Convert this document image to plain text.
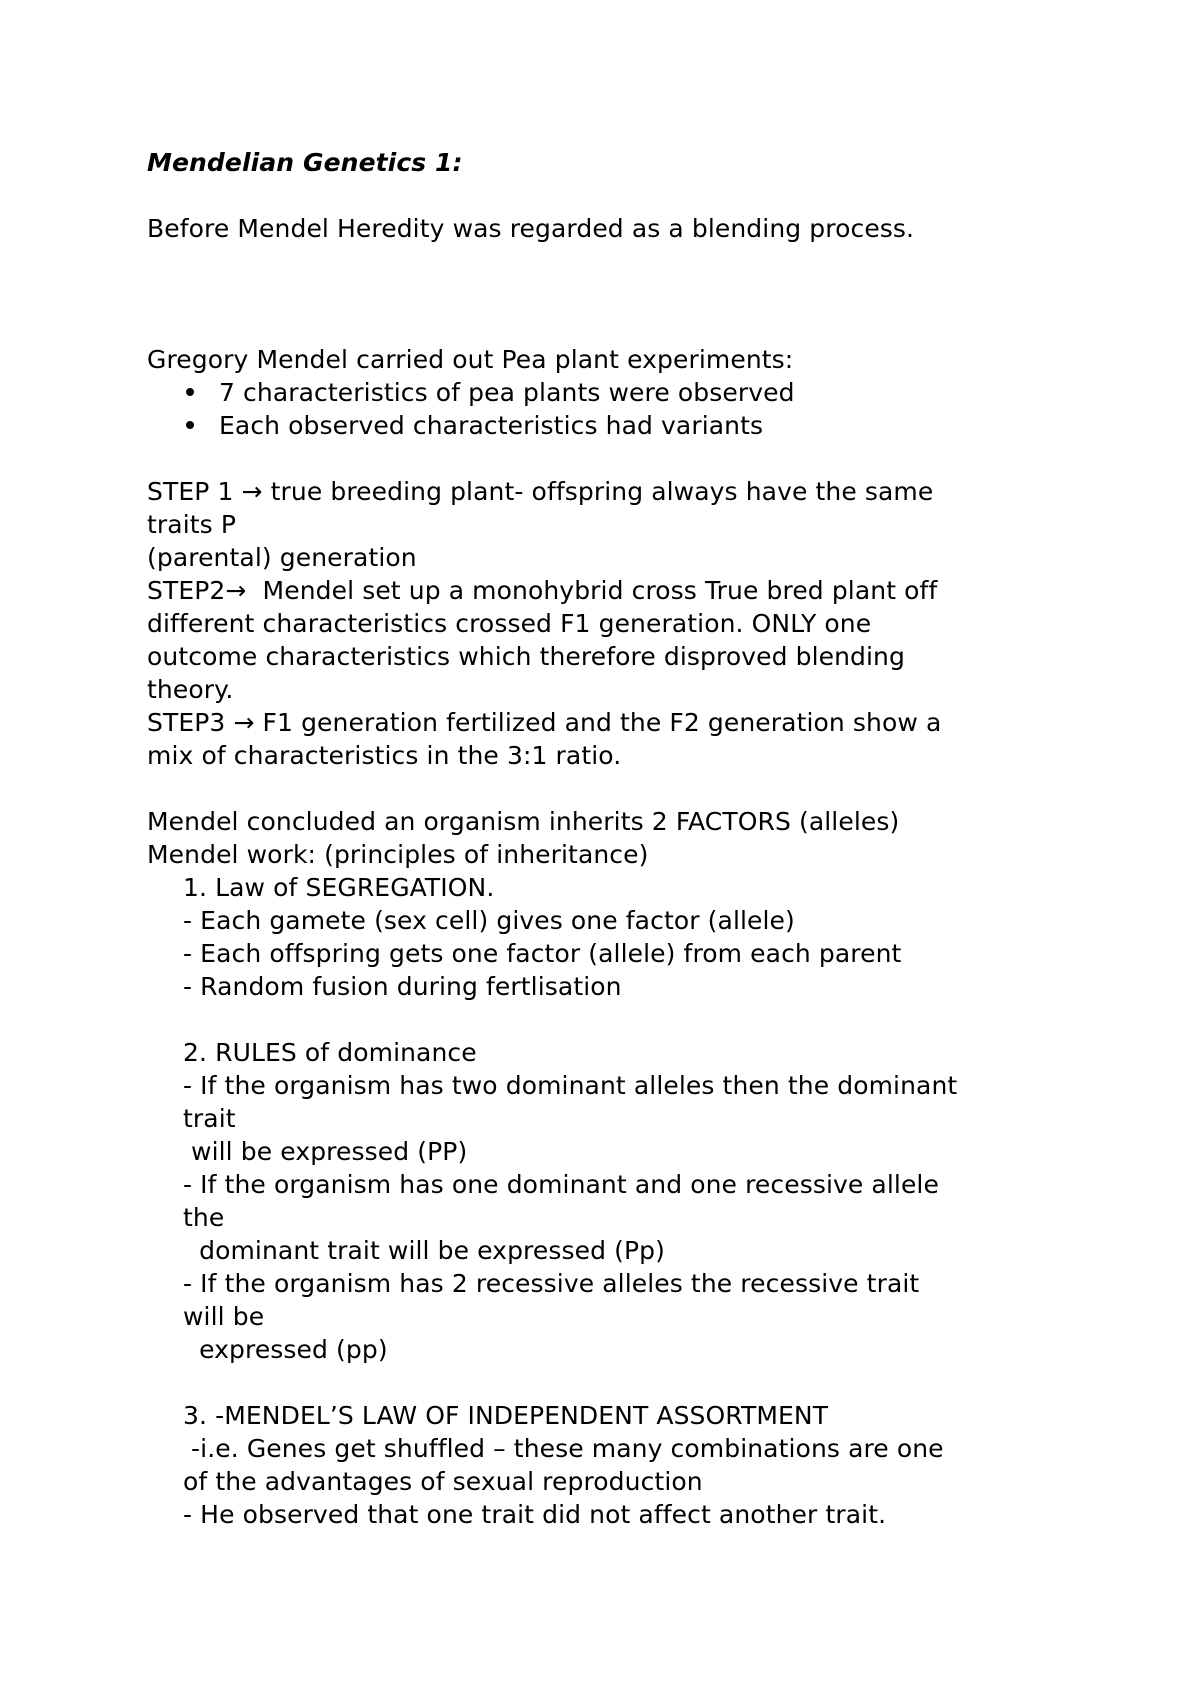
Mendelian Genetics 1:
Before Mendel Heredity was regarded as a blending process.
Gregory Mendel carried out Pea plant experiments:
7 characteristics of pea plants were observed
Each observed characteristics had variants
STEP 1 → true breeding plant- offspring always have the same
traits P
(parental) generation
STEP2→  Mendel set up a monohybrid cross True bred plant off
different characteristics crossed F1 generation. ONLY one
outcome characteristics which therefore disproved blending
theory.
STEP3 → F1 generation fertilized and the F2 generation show a
mix of characteristics in the 3:1 ratio.
Mendel concluded an organism inherits 2 FACTORS (alleles)
Mendel work: (principles of inheritance)
1. Law of SEGREGATION.
- Each gamete (sex cell) gives one factor (allele)
- Each offspring gets one factor (allele) from each parent
- Random fusion during fertlisation
2. RULES of dominance
- If the organism has two dominant alleles then the dominant
trait
will be expressed (PP)
- If the organism has one dominant and one recessive allele
the
dominant trait will be expressed (Pp)
- If the organism has 2 recessive alleles the recessive trait
will be
expressed (pp)
3. -MENDEL’S LAW OF INDEPENDENT ASSORTMENT
-i.e. Genes get shuffled – these many combinations are one
of the advantages of sexual reproduction
- He observed that one trait did not affect another trait.
